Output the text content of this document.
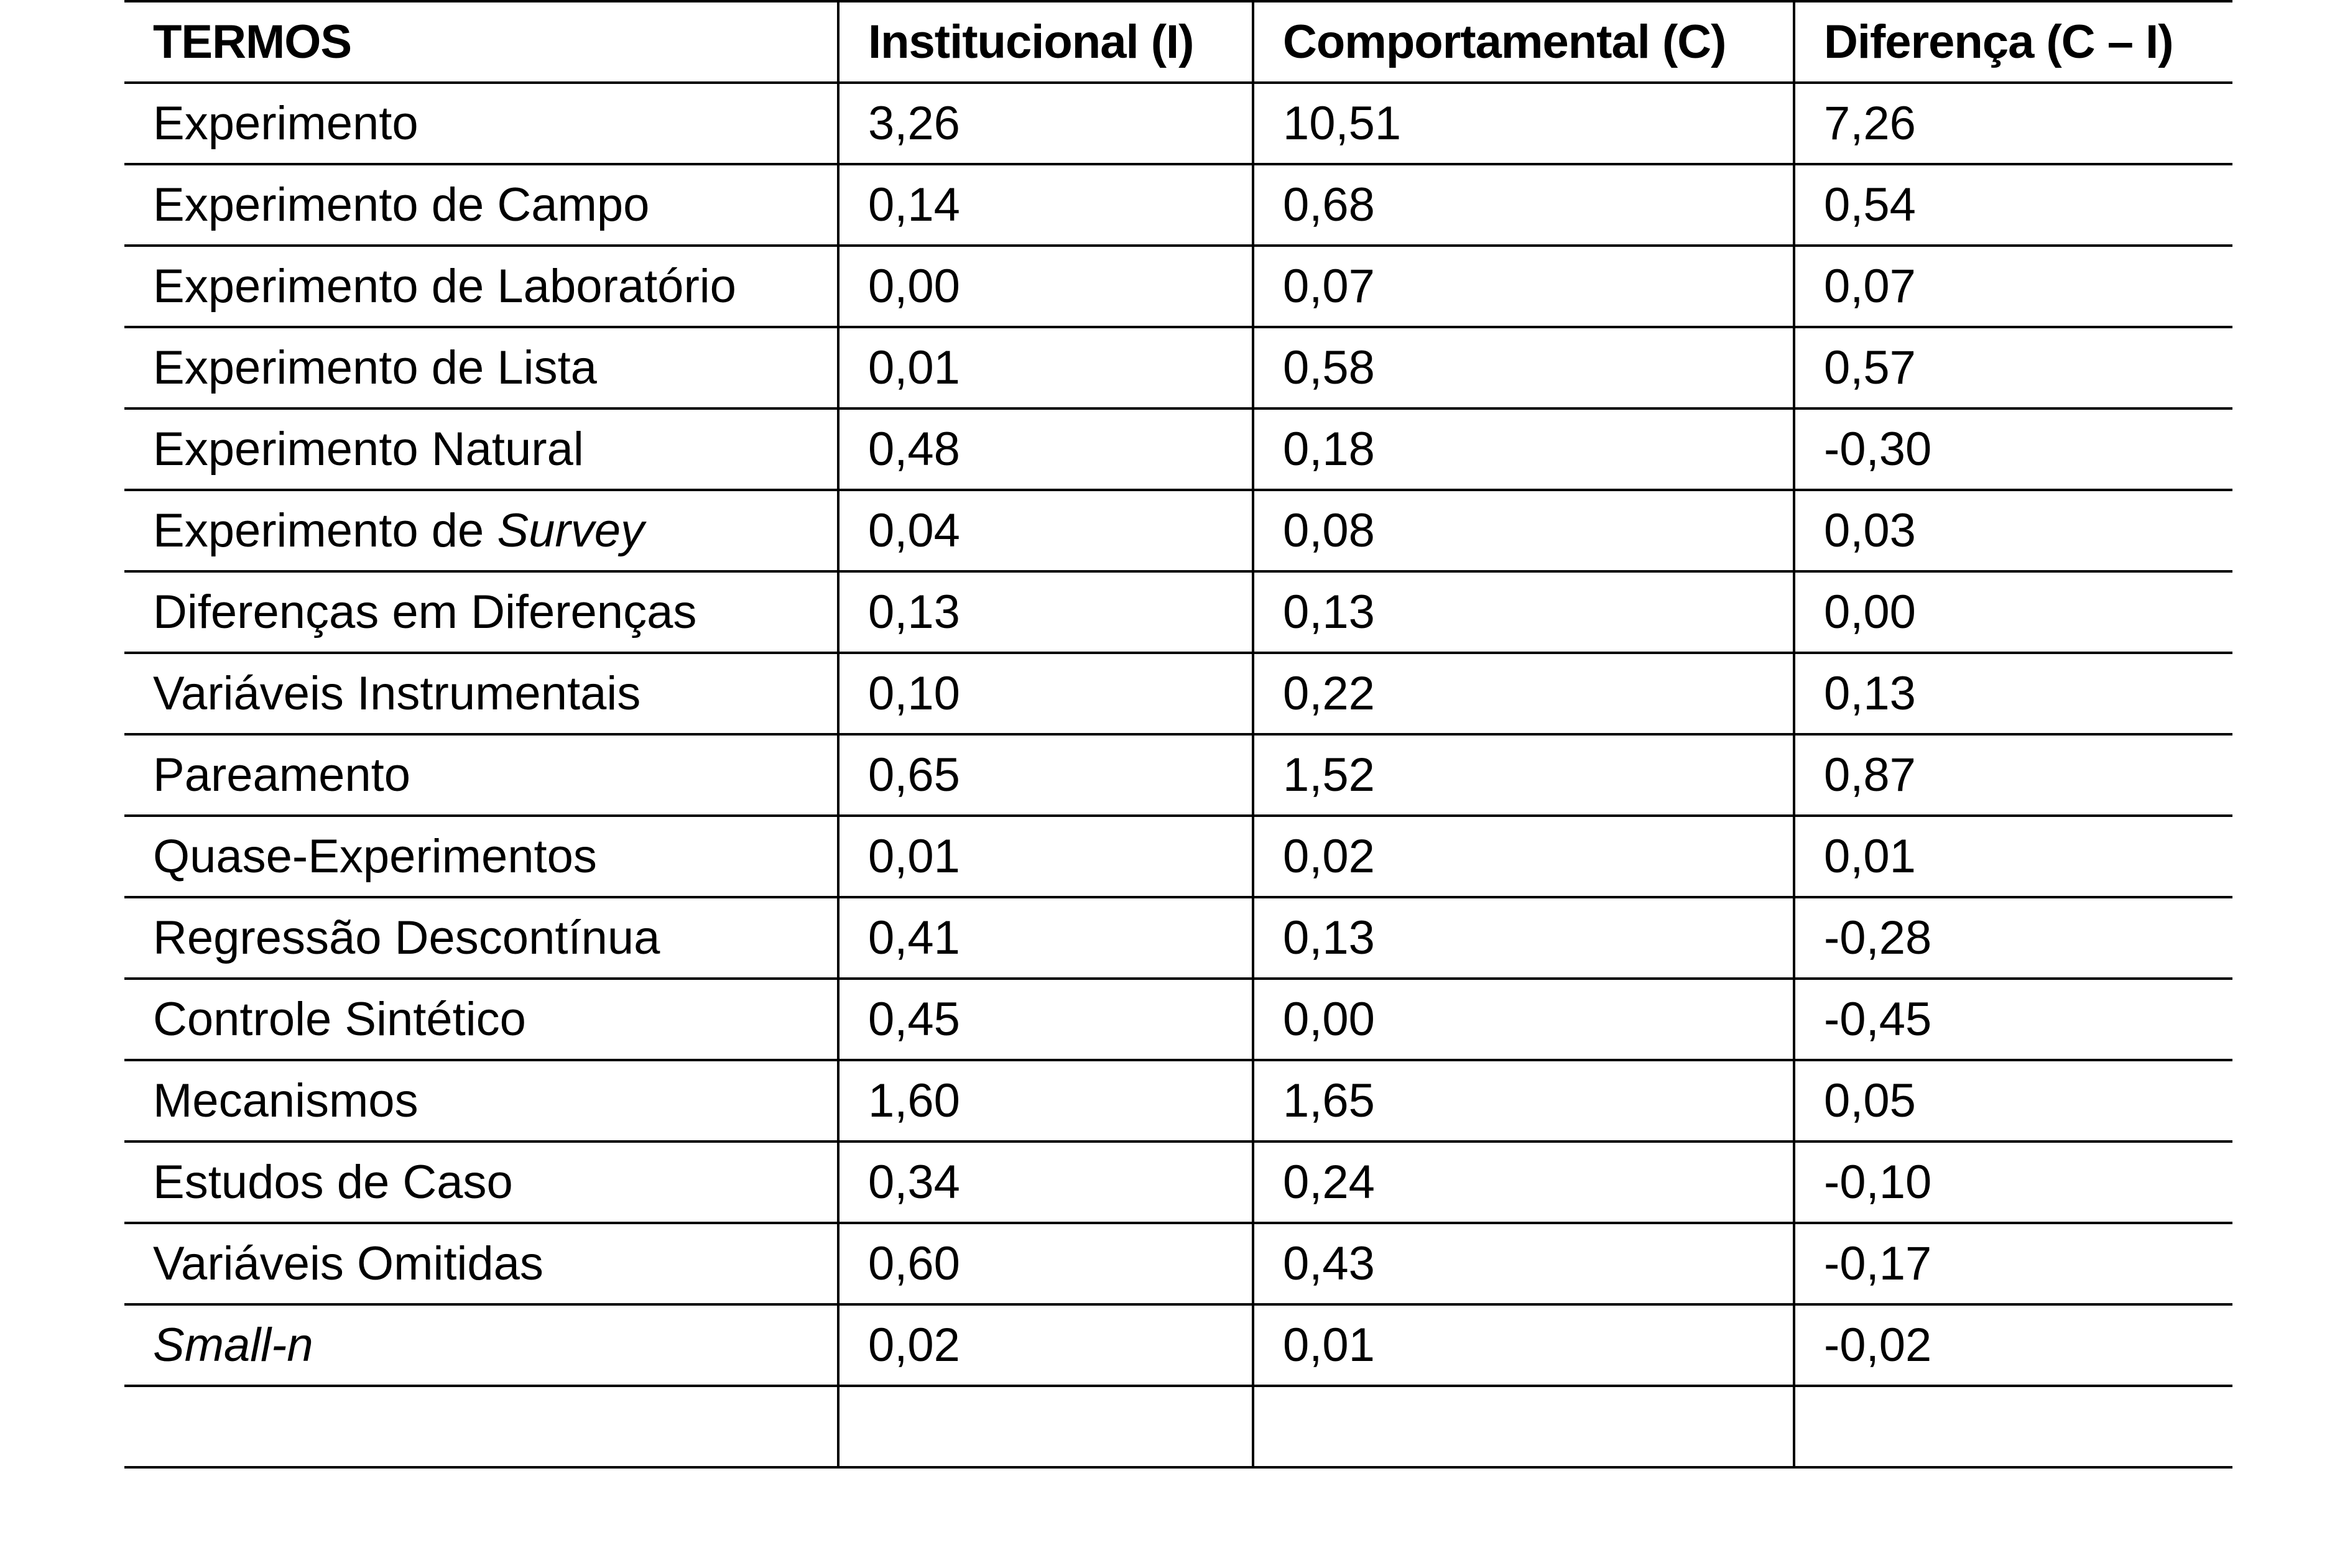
TERMOS	Institucional (I)	Comportamental (C)	Diferença (C – I)
Experimento	3,26	10,51	7,26
Experimento de Campo	0,14	0,68	0,54
Experimento de Laboratório	0,00	0,07	0,07
Experimento de Lista	0,01	0,58	0,57
Experimento Natural	0,48	0,18	-0,30
Experimento de Survey	0,04	0,08	0,03
Diferenças em Diferenças	0,13	0,13	0,00
Variáveis Instrumentais	0,10	0,22	0,13
Pareamento	0,65	1,52	0,87
Quase-Experimentos	0,01	0,02	0,01
Regressão Descontínua	0,41	0,13	-0,28
Controle Sintético	0,45	0,00	-0,45
Mecanismos	1,60	1,65	0,05
Estudos de Caso	0,34	0,24	-0,10
Variáveis Omitidas	0,60	0,43	-0,17
Small-n	0,02	0,01	-0,02
